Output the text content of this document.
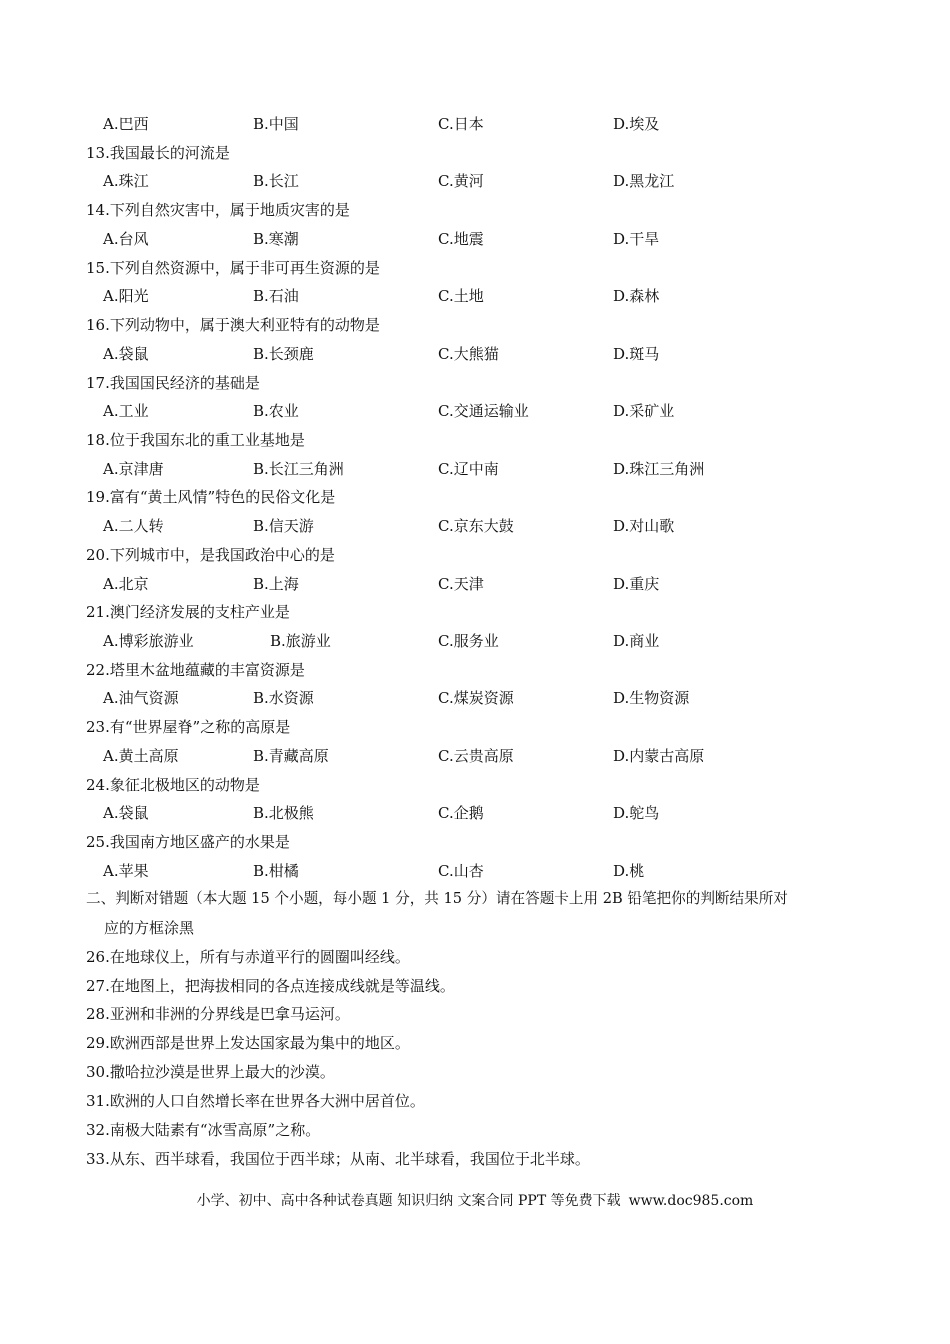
A.巴西	B.中国	C.日本	D.埃及
13.我国最长的河流是
A.珠江	B.长江	C.黄河	D.黑龙江
14.下列自然灾害中，属于地质灾害的是
A.台风	B.寒潮	C.地震	D.干旱
15.下列自然资源中，属于非可再生资源的是
A.阳光	B.石油	C.土地	D.森林
16.下列动物中，属于澳大利亚特有的动物是
A.袋鼠	B.长颈鹿	C.大熊猫	D.斑马
17.我国国民经济的基础是
A.工业	B.农业	C.交通运输业	D.采矿业
18.位于我国东北的重工业基地是
A.京津唐	B.长江三角洲	C.辽中南	D.珠江三角洲
19.富有“黄土风情”特色的民俗文化是
A.二人转	B.信天游	C.京东大鼓	D.对山歌
20.下列城市中，是我国政治中心的是
A.北京	B.上海	C.天津	D.重庆
21.澳门经济发展的支柱产业是
A.博彩旅游业	B.旅游业	C.服务业	D.商业
22.塔里木盆地蕴藏的丰富资源是
A.油气资源	B.水资源	C.煤炭资源	D.生物资源
23.有“世界屋脊”之称的高原是
A.黄土高原	B.青藏高原	C.云贵高原	D.内蒙古高原
24.象征北极地区的动物是
A.袋鼠	B.北极熊	C.企鹅	D.鸵鸟
25.我国南方地区盛产的水果是
A.苹果	B.柑橘	C.山杏	D.桃
二、判断对错题（本大题 15 个小题，每小题 1 分，共 15 分）请在答题卡上用 2B 铅笔把你的判断结果所对
应的方框涂黑
26.在地球仪上，所有与赤道平行的圆圈叫经线。
27.在地图上，把海拔相同的各点连接成线就是等温线。
28.亚洲和非洲的分界线是巴拿马运河。
29.欧洲西部是世界上发达国家最为集中的地区。
30.撒哈拉沙漠是世界上最大的沙漠。
31.欧洲的人口自然增长率在世界各大洲中居首位。
32.南极大陆素有“冰雪高原”之称。
33.从东、西半球看，我国位于西半球；从南、北半球看，我国位于北半球。
小学、初中、高中各种试卷真题 知识归纳 文案合同 PPT 等免费下载 www.doc985.com
